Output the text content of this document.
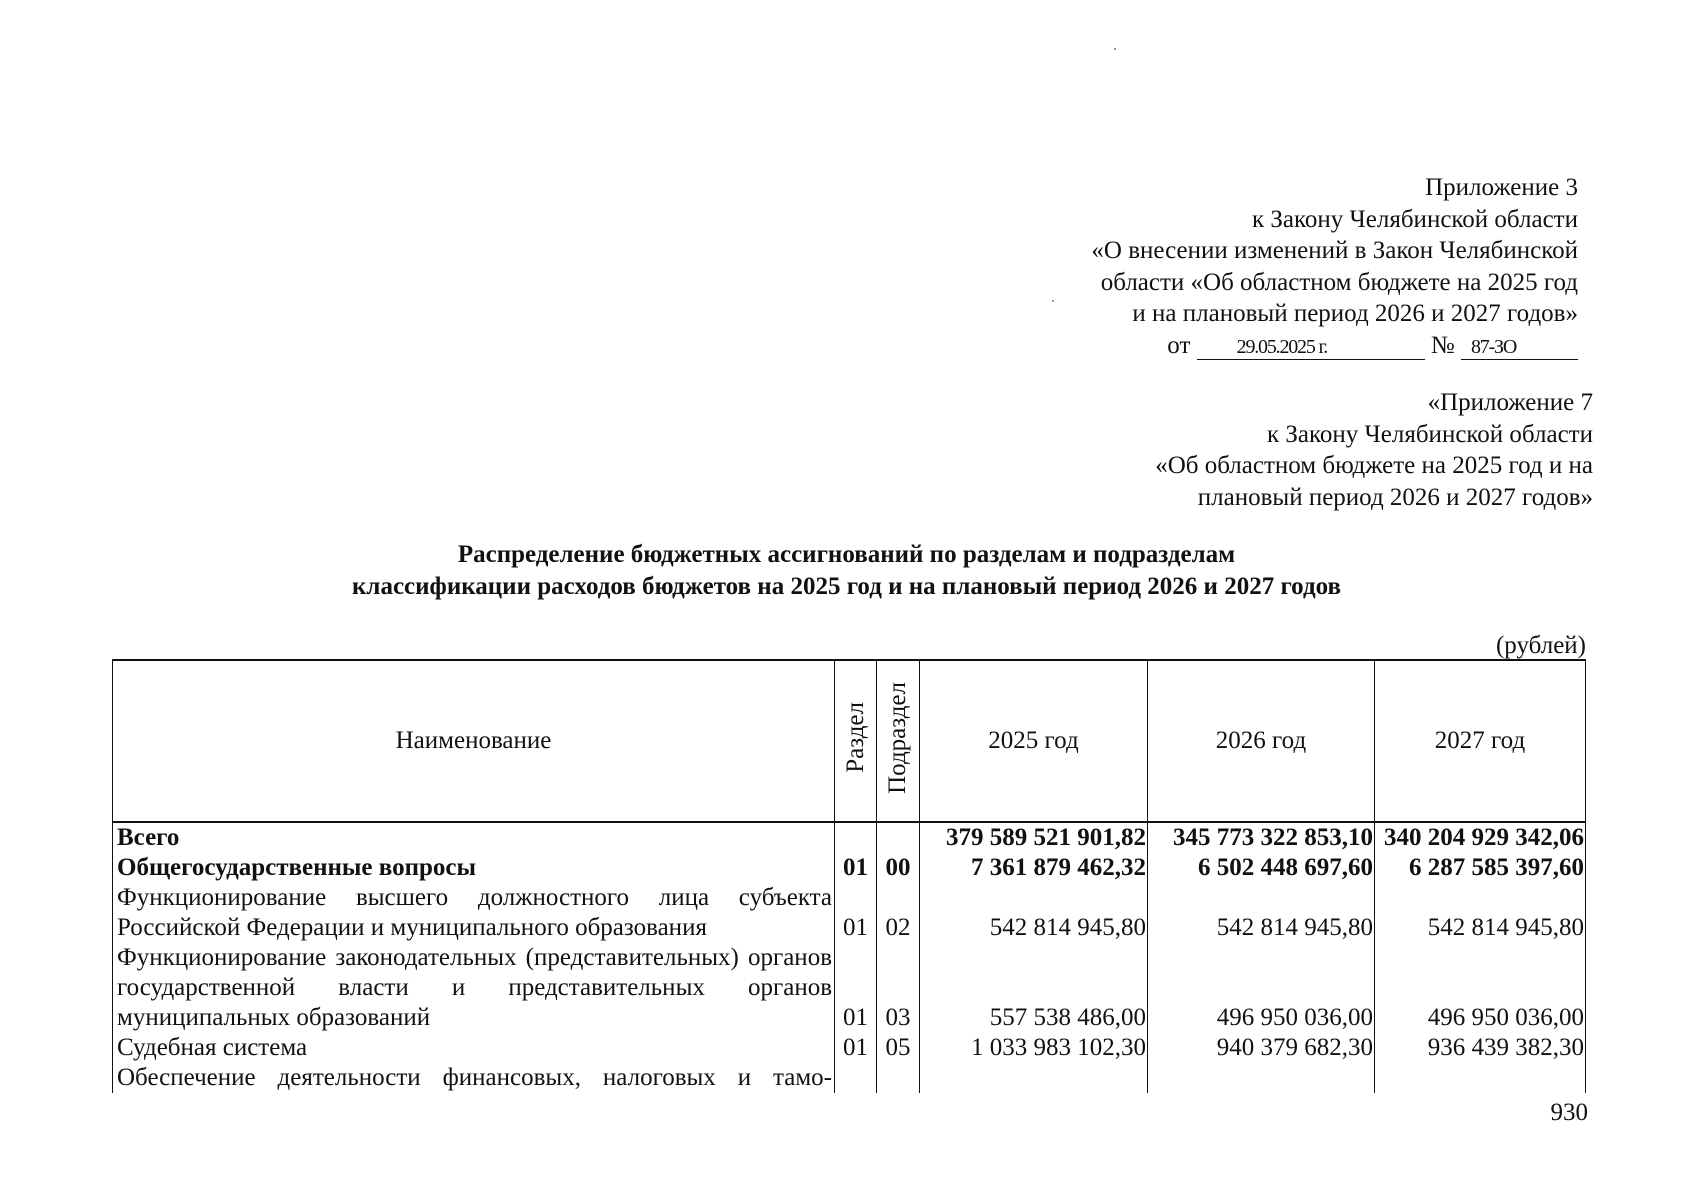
Приложение 3
к Закону Челябинской области
«О внесении изменений в Закон Челябинской
области «Об областном бюджете на 2025 год
и на плановый период 2026 и 2027 годов»
от 29.05.2025 г.	№ 87-ЗО
«Приложение 7
к Закону Челябинской области
«Об областном бюджете на 2025 год и на
плановый период 2026 и 2027 годов»
Распределение бюджетных ассигнований по разделам и подразделам
классификации расходов бюджетов на 2025 год и на плановый период 2026 и 2027 годов
(рублей)
Наименование	Раздел	Подраздел	2025 год	2026 год	2027 год
Всего			379 589 521 901,82	345 773 322 853,10	340 204 929 342,06
Общегосударственные вопросы	01	00	7 361 879 462,32	6 502 448 697,60	6 287 585 397,60
Функционирование высшего должностного лица субъекта Российской Федерации и муниципального образования	01	02	542 814 945,80	542 814 945,80	542 814 945,80
Функционирование законодательных (представительных) органов государственной власти и представительных органов муниципальных образований	01	03	557 538 486,00	496 950 036,00	496 950 036,00
Судебная система	01	05	1 033 983 102,30	940 379 682,30	936 439 382,30
Обеспечение деятельности финансовых, налоговых и тамо-					
930
